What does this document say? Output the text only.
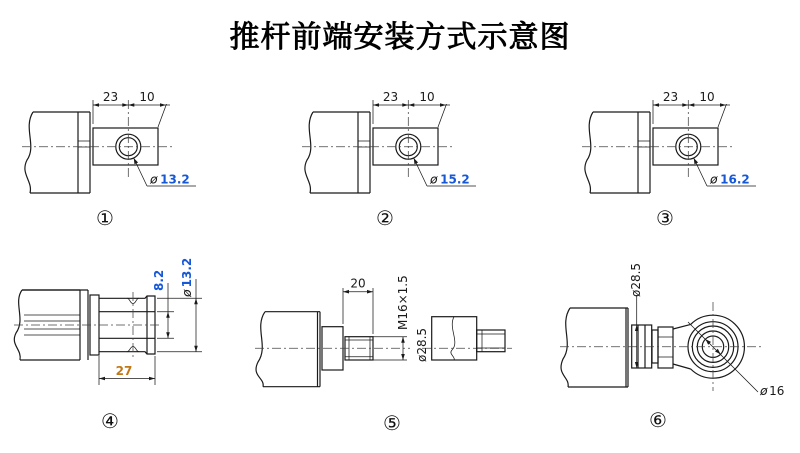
推杆前端安装方式示意图
8.2
ø13.2
27
④
20	M16×1.5
ø28.5
⑤
ø28.5
ø 16
⑥
23 10
ø 13.2
①
23 10
ø 15.2
②
23 10
ø 16.2
③
